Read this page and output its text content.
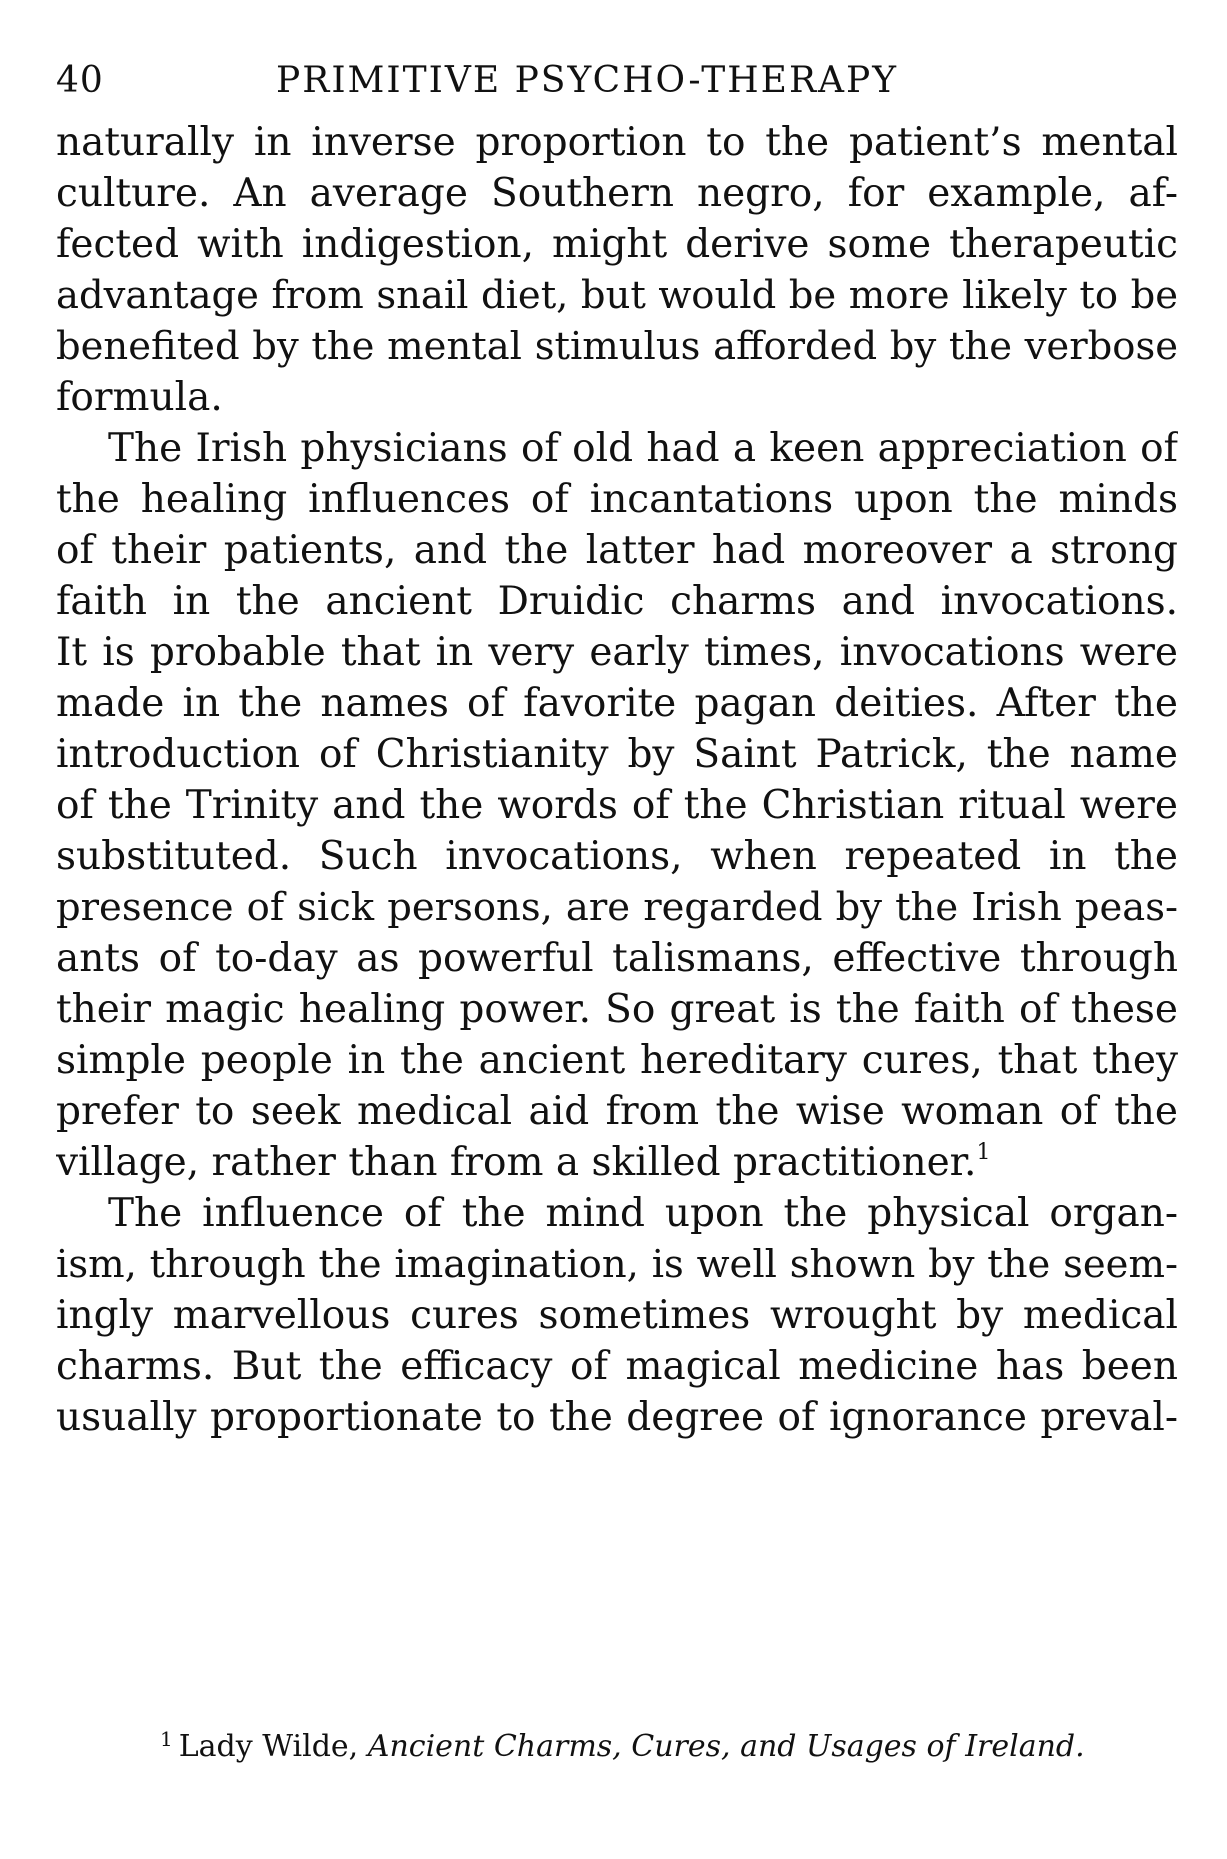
40	PRIMITIVE PSYCHO-THERAPY
naturally in inverse proportion to the patient’s mental
culture. An average Southern negro, for example, af-
fected with indigestion, might derive some therapeutic
advantage from snail diet, but would be more likely to be
benefited by the mental stimulus afforded by the verbose
formula.
The Irish physicians of old had a keen appreciation of
the healing influences of incantations upon the minds
of their patients, and the latter had moreover a strong
faith in the ancient Druidic charms and invocations.
It is probable that in very early times, invocations were
made in the names of favorite pagan deities. After the
introduction of Christianity by Saint Patrick, the name
of the Trinity and the words of the Christian ritual were
substituted. Such invocations, when repeated in the
presence of sick persons, are regarded by the Irish peas-
ants of to-day as powerful talismans, effective through
their magic healing power. So great is the faith of these
simple people in the ancient hereditary cures, that they
prefer to seek medical aid from the wise woman of the
village, rather than from a skilled practitioner.$^1$
The influence of the mind upon the physical organ-
ism, through the imagination, is well shown by the seem-
ingly marvellous cures sometimes wrought by medical
charms. But the efficacy of magical medicine has been
usually proportionate to the degree of ignorance preval-
$^1$ Lady Wilde, Ancient Charms, Cures, and Usages of Ireland.
